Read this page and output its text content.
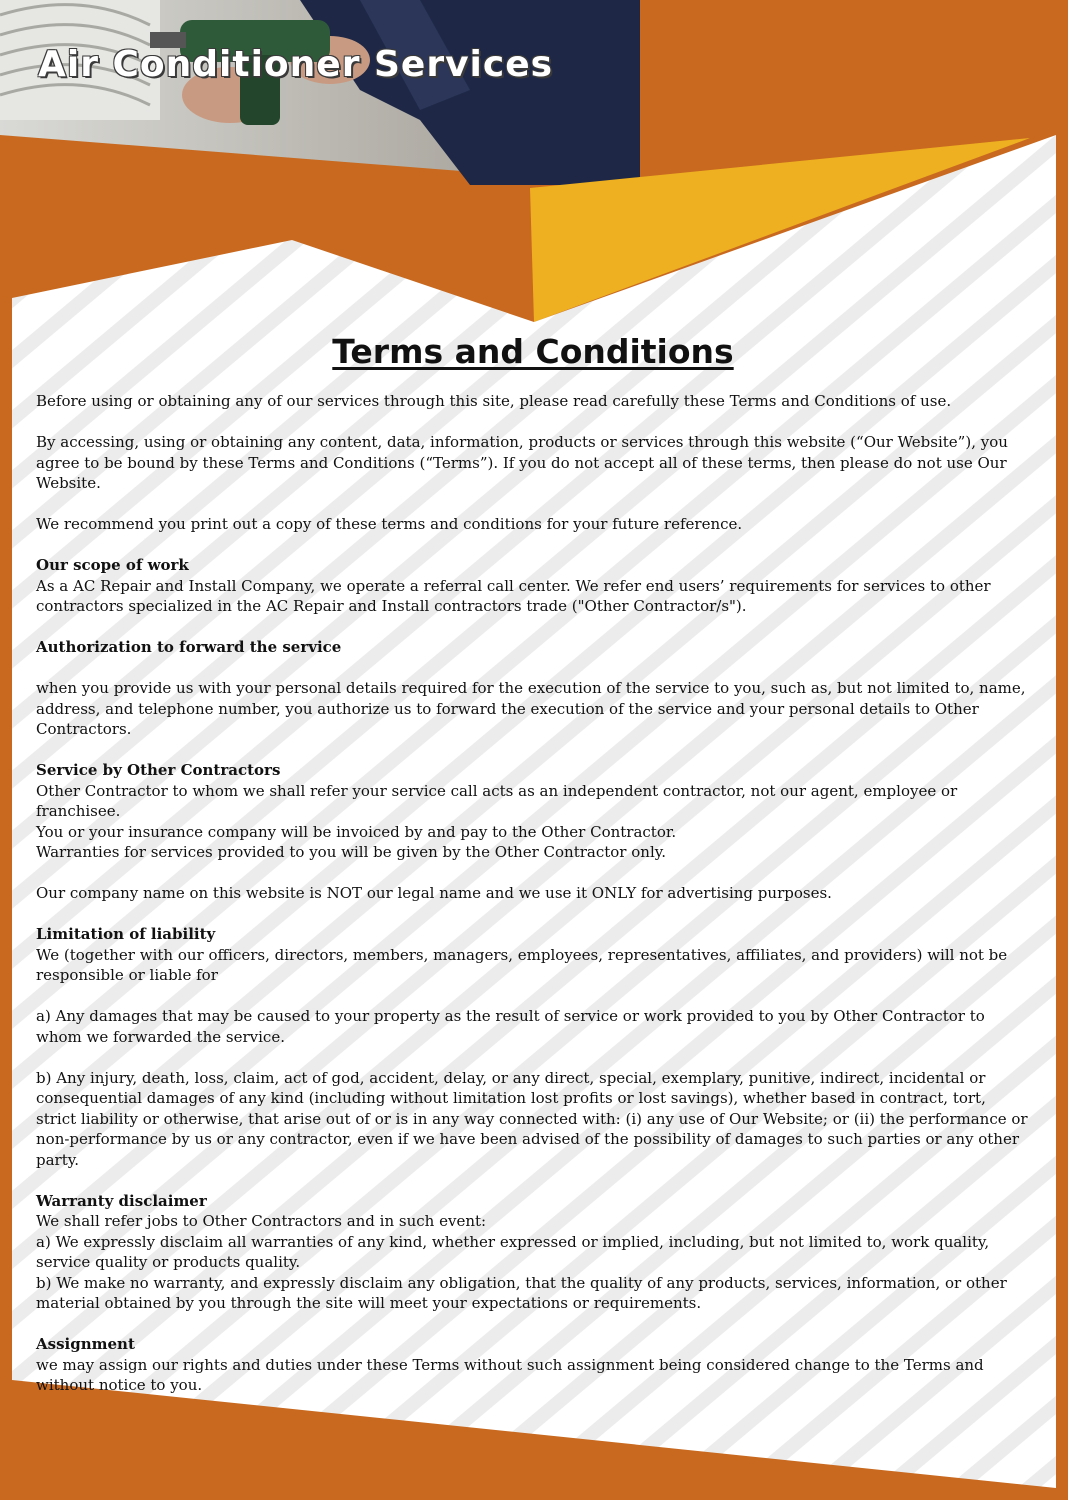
Air Conditioner Services
Terms and Conditions

Before using or obtaining any of our services through this site, please read carefully these Terms and Conditions of use.

By accessing, using or obtaining any content, data, information, products or services through this website (“Our Website”), you agree to be bound by these Terms and Conditions (“Terms”). If you do not accept all of these terms, then please do not use Our Website.

We recommend you print out a copy of these terms and conditions for your future reference.

Our scope of work
As a AC Repair and Install Company, we operate a referral call center. We refer end users’ requirements for services to other contractors specialized in the AC Repair and Install contractors trade ("Other Contractor/s").
Authorization to forward the service

when you provide us with your personal details required for the execution of the service to you, such as, but not limited to, name, address, and telephone number, you authorize us to forward the execution of the service and your personal details to Other Contractors.

Service by Other Contractors
Other Contractor to whom we shall refer your service call acts as an independent contractor, not our agent, employee or franchisee.
You or your insurance company will be invoiced by and pay to the Other Contractor.
Warranties for services provided to you will be given by the Other Contractor only.

Our company name on this website is NOT our legal name and we use it ONLY for advertising purposes.

Limitation of liability
We (together with our officers, directors, members, managers, employees, representatives, affiliates, and providers) will not be responsible or liable for

a) Any damages that may be caused to your property as the result of service or work provided to you by Other Contractor to whom we forwarded the service.

b) Any injury, death, loss, claim, act of god, accident, delay, or any direct, special, exemplary, punitive, indirect, incidental or consequential damages of any kind (including without limitation lost profits or lost savings), whether based in contract, tort, strict liability or otherwise, that arise out of or is in any way connected with: (i) any use of Our Website; or (ii) the performance or non-performance by us or any contractor, even if we have been advised of the possibility of damages to such parties or any other party.

Warranty disclaimer
We shall refer jobs to Other Contractors and in such event:
a) We expressly disclaim all warranties of any kind, whether expressed or implied, including, but not limited to, work quality, service quality or products quality.
b) We make no warranty, and expressly disclaim any obligation, that the quality of any products, services, information, or other material obtained by you through the site will meet your expectations or requirements.
Assignment
we may assign our rights and duties under these Terms without such assignment being considered change to the Terms and without notice to you.
